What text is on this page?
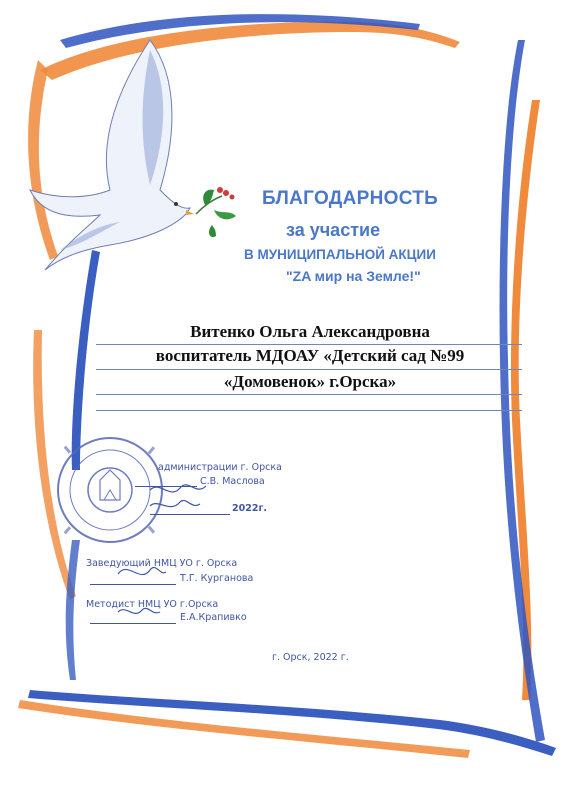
БЛАГОДАРНОСТЬ
за участие
В МУНИЦИПАЛЬНОЙ АКЦИИ
"ZA мир на Земле!"
Витенко Ольга Александровна
воспитатель МДОАУ «Детский сад №99
«Домовенок» г.Орска»
администрации г. Орска
С.В. Маслова
2022г.
Заведующий НМЦ УО г. Орска
Т.Г. Курганова
Методист НМЦ УО г.Орска
Е.А.Крапивко
г. Орск, 2022 г.
